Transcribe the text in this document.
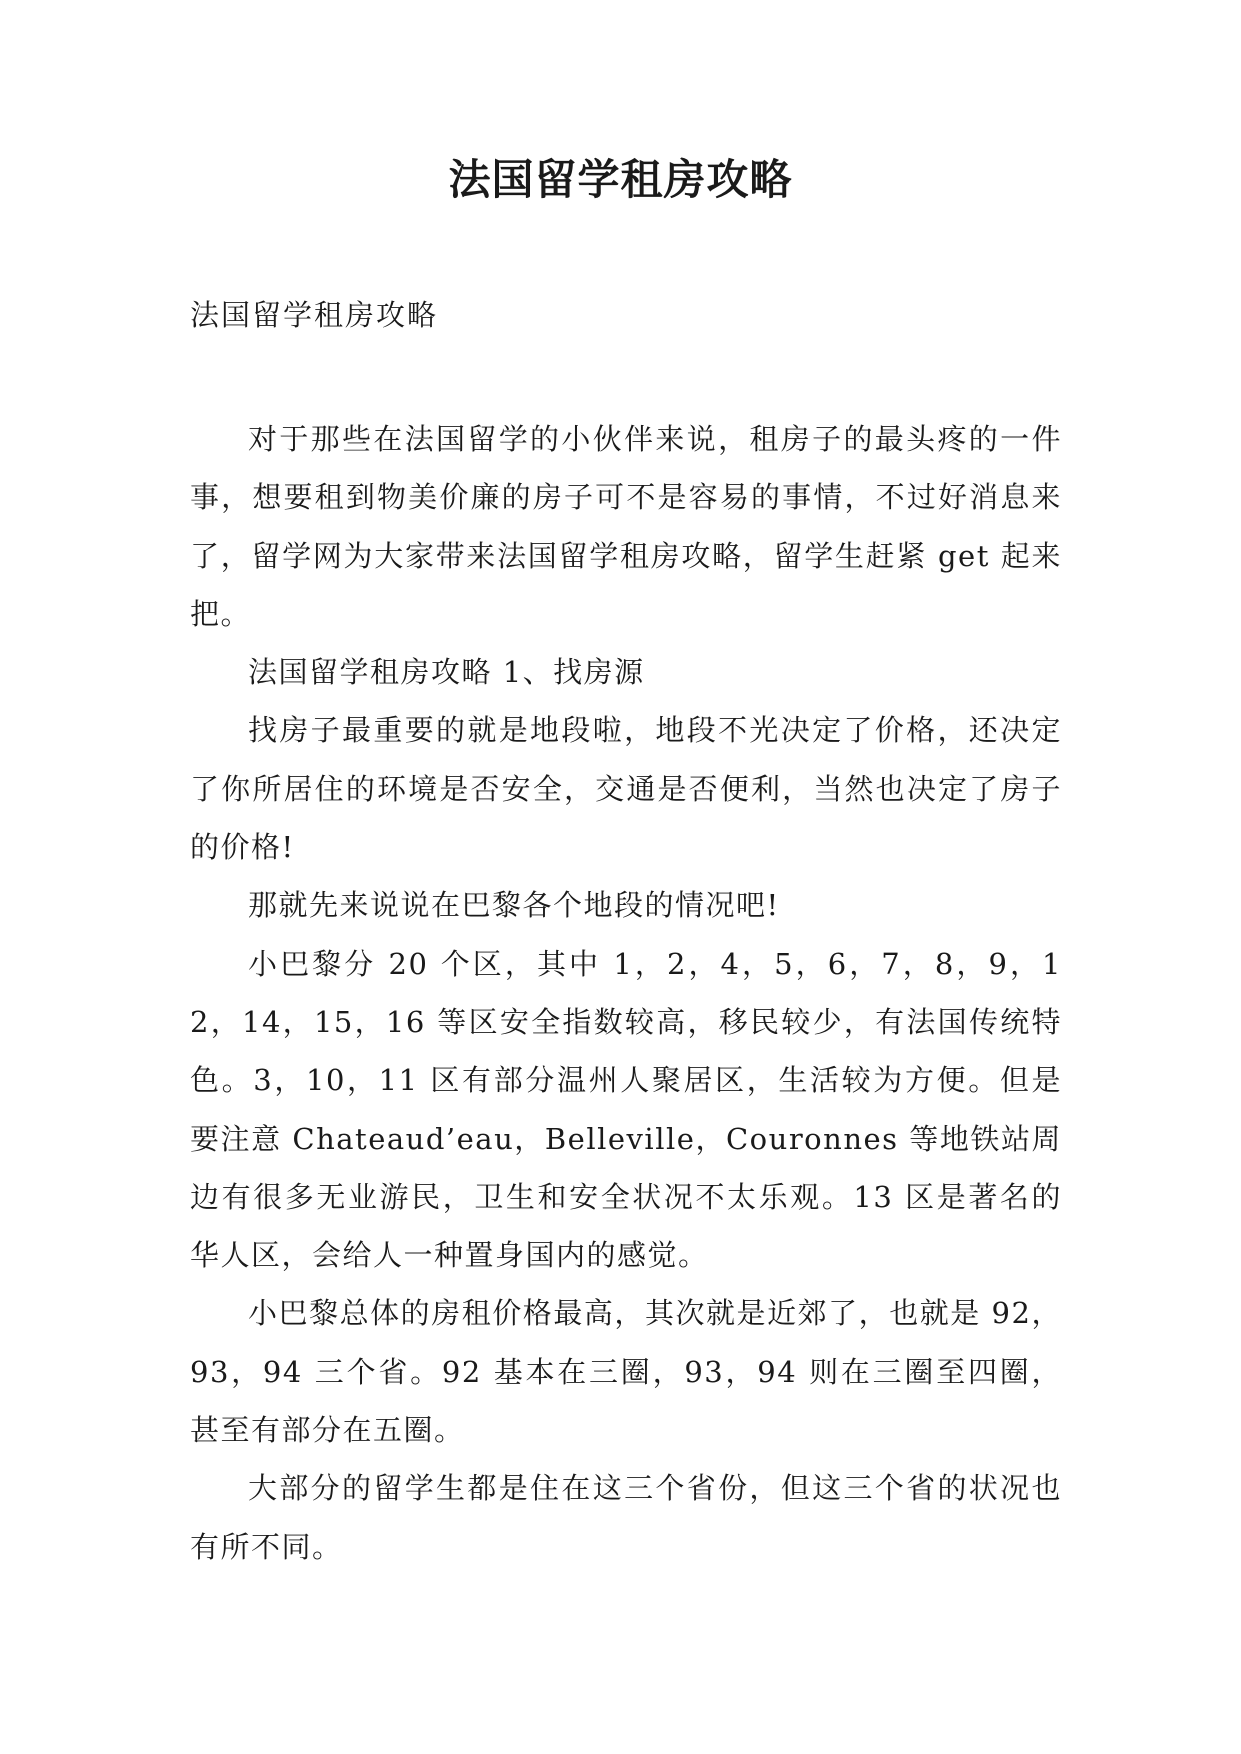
法国留学租房攻略
法国留学租房攻略

对于那些在法国留学的小伙伴来说，租房子的最头疼的一件事，想要租到物美价廉的房子可不是容易的事情，不过好消息来了，留学网为大家带来法国留学租房攻略，留学生赶紧 get 起来把。

法国留学租房攻略 1、找房源

找房子最重要的就是地段啦，地段不光决定了价格，还决定了你所居住的环境是否安全，交通是否便利，当然也决定了房子的价格!

那就先来说说在巴黎各个地段的情况吧!

小巴黎分 20 个区，其中 1，2，4，5，6，7，8，9，12，14，15，16 等区安全指数较高，移民较少，有法国传统特色。3，10，11 区有部分温州人聚居区，生活较为方便。但是要注意 Chateaud’eau，Belleville，Couronnes 等地铁站周边有很多无业游民，卫生和安全状况不太乐观。13 区是著名的华人区，会给人一种置身国内的感觉。

小巴黎总体的房租价格最高，其次就是近郊了，也就是 92，93，94 三个省。92 基本在三圈，93，94 则在三圈至四圈，甚至有部分在五圈。

大部分的留学生都是住在这三个省份，但这三个省的状况也有所不同。
